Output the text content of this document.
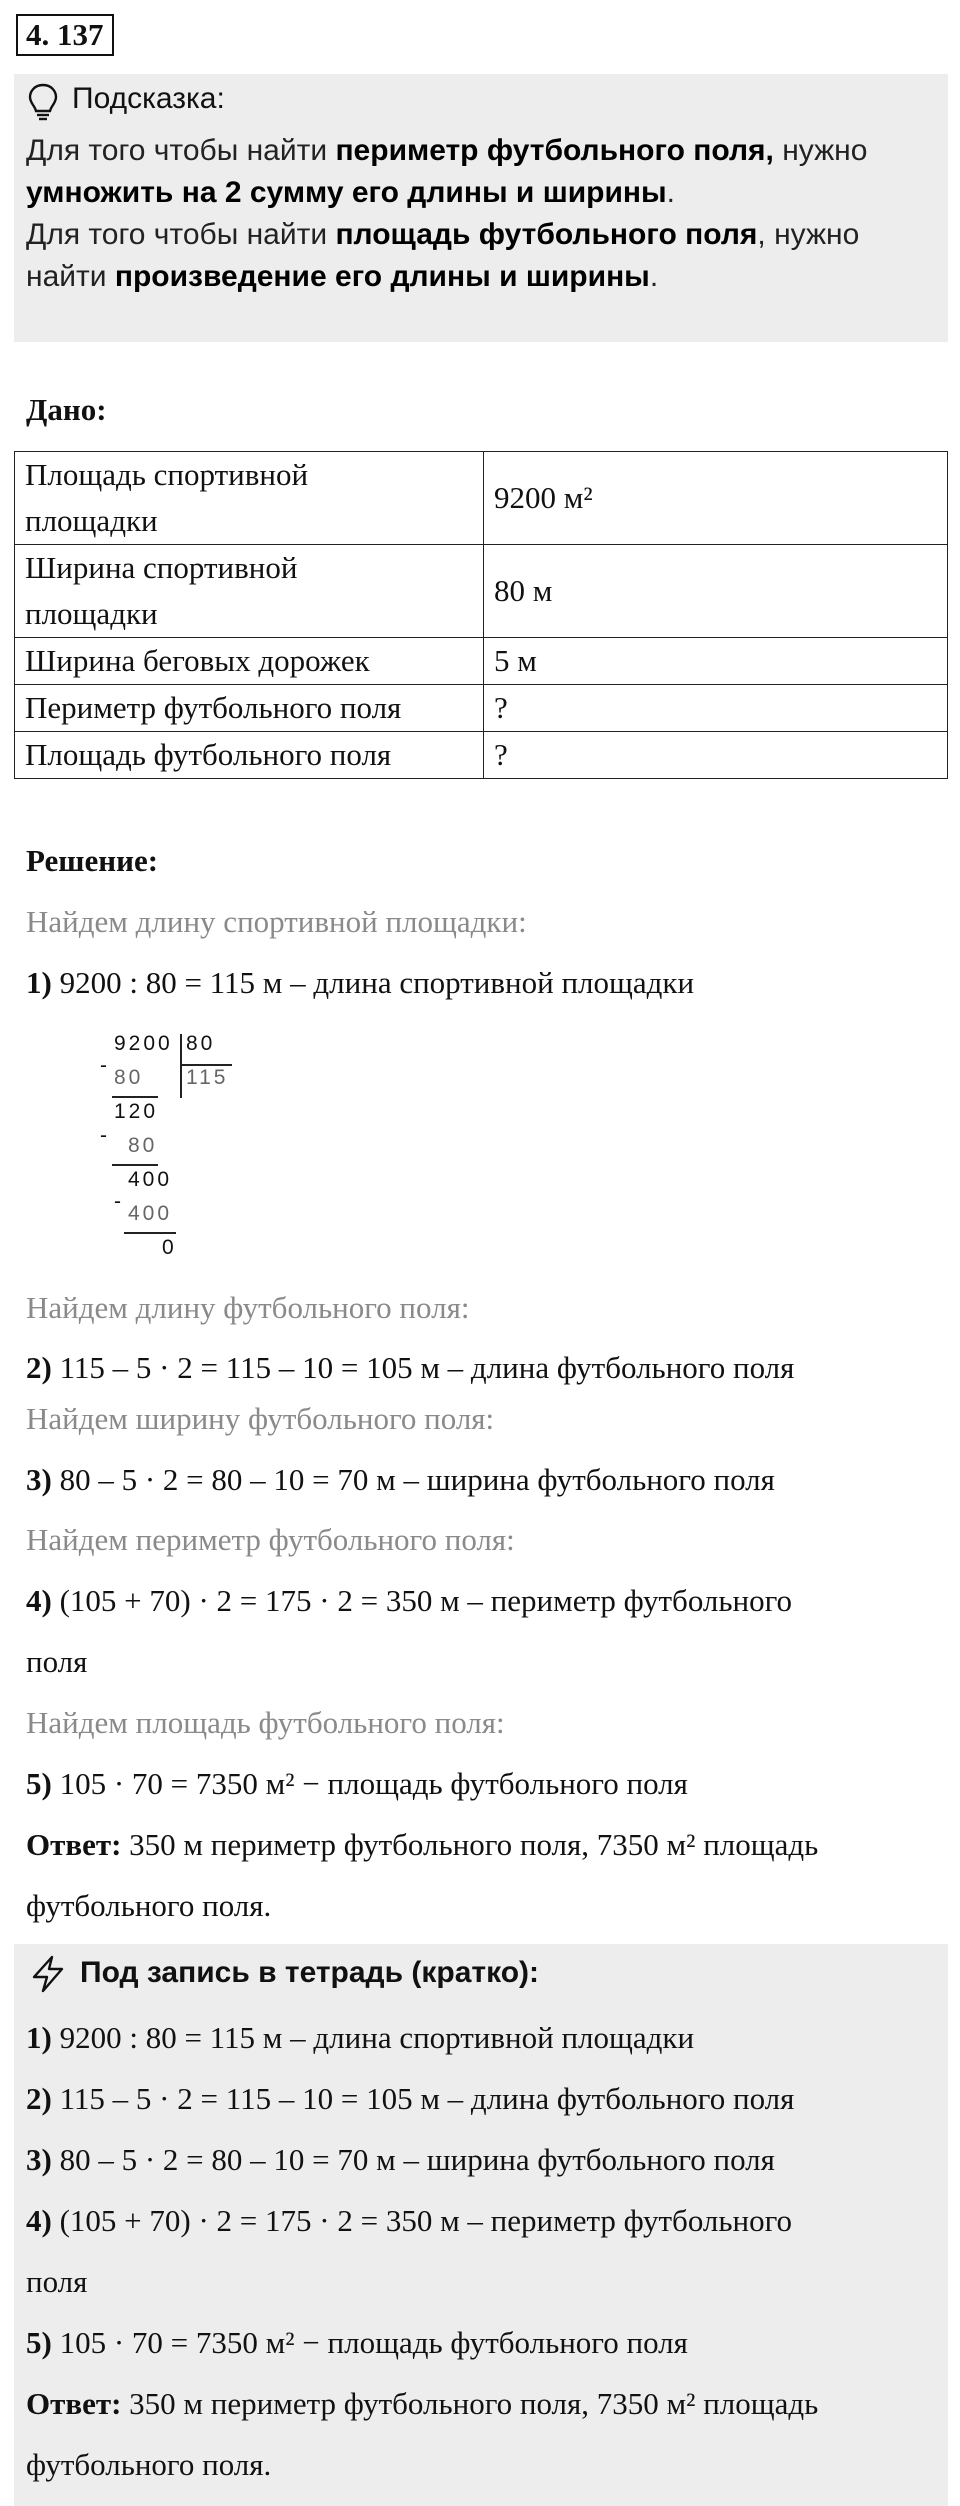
4. 137
Подсказка:
Для того чтобы найти периметр футбольного поля, нужно
умножить на 2 сумму его длины и ширины.
Для того чтобы найти площадь футбольного поля, нужно
найти произведение его длины и ширины.
Дано:
Площадь спортивной
площадки	9200 м²
Ширина спортивной
площадки	80 м
Ширина беговых дорожек	5 м
Периметр футбольного поля	?
Площадь футбольного поля	?
Решение:
Найдем длину спортивной площадки:
1) 9200 : 80 = 115 м – длина спортивной площадки
9200 80
115
-
80
120
- 80
400
-
400
0
Найдем длину футбольного поля:
2) 115 – 5 · 2 = 115 – 10 = 105 м – длина футбольного поля
Найдем ширину футбольного поля:
3) 80 – 5 · 2 = 80 – 10 = 70 м – ширина футбольного поля
Найдем периметр футбольного поля:
4) (105 + 70) · 2 = 175 · 2 = 350 м – периметр футбольного
поля
Найдем площадь футбольного поля:
5) 105 · 70 = 7350 м² − площадь футбольного поля
Ответ: 350 м периметр футбольного поля, 7350 м² площадь
футбольного поля.
Под запись в тетрадь (кратко):
1) 9200 : 80 = 115 м – длина спортивной площадки
2) 115 – 5 · 2 = 115 – 10 = 105 м – длина футбольного поля
3) 80 – 5 · 2 = 80 – 10 = 70 м – ширина футбольного поля
4) (105 + 70) · 2 = 175 · 2 = 350 м – периметр футбольного
поля
5) 105 · 70 = 7350 м² − площадь футбольного поля
Ответ: 350 м периметр футбольного поля, 7350 м² площадь
футбольного поля.
